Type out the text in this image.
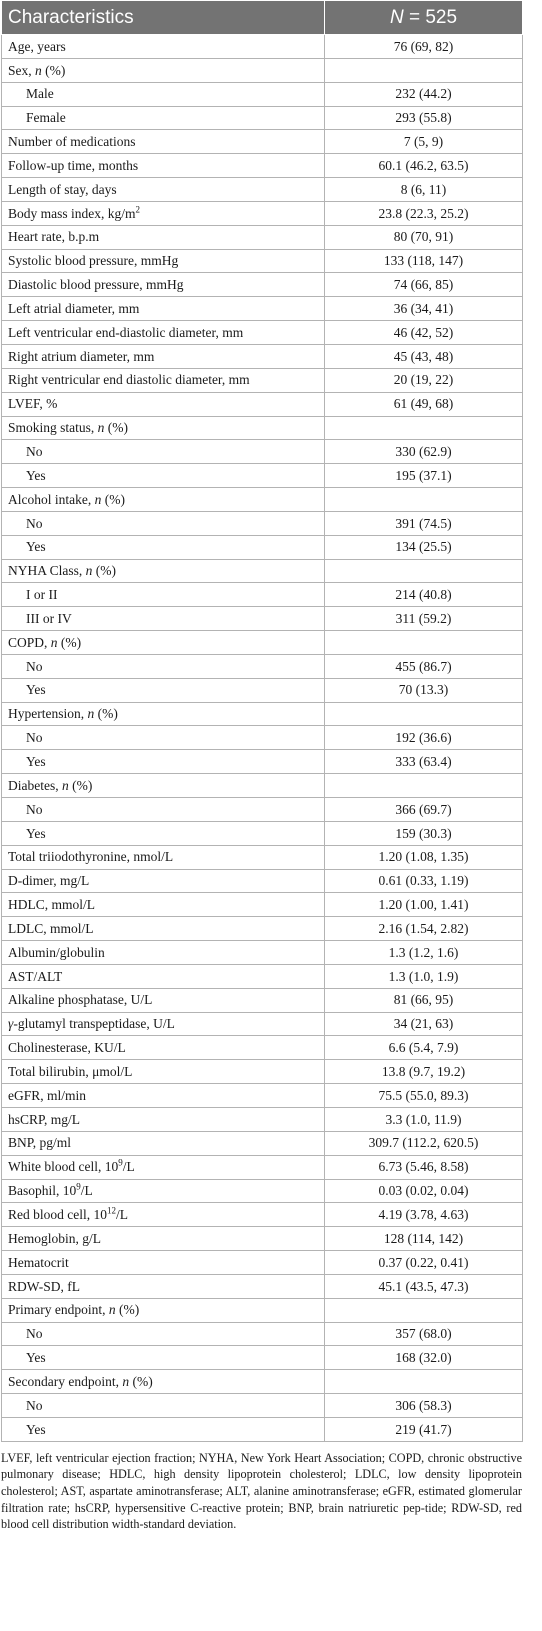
Characteristics	N = 525
Age, years	76 (69, 82)
Sex, n (%)	
Male	232 (44.2)
Female	293 (55.8)
Number of medications	7 (5, 9)
Follow-up time, months	60.1 (46.2, 63.5)
Length of stay, days	8 (6, 11)
Body mass index, $kg/m^2$	23.8 (22.3, 25.2)
Heart rate, b.p.m	80 (70, 91)
Systolic blood pressure, mmHg	133 (118, 147)
Diastolic blood pressure, mmHg	74 (66, 85)
Left atrial diameter, mm	36 (34, 41)
Left ventricular end-diastolic diameter, mm	46 (42, 52)
Right atrium diameter, mm	45 (43, 48)
Right ventricular end diastolic diameter, mm	20 (19, 22)
LVEF, %	61 (49, 68)
Smoking status, n (%)	
No	330 (62.9)
Yes	195 (37.1)
Alcohol intake, n (%)	
No	391 (74.5)
Yes	134 (25.5)
NYHA Class, n (%)	
I or II	214 (40.8)
III or IV	311 (59.2)
COPD, n (%)	
No	455 (86.7)
Yes	70 (13.3)
Hypertension, n (%)	
No	192 (36.6)
Yes	333 (63.4)
Diabetes, n (%)	
No	366 (69.7)
Yes	159 (30.3)
Total triiodothyronine, nmol/L	1.20 (1.08, 1.35)
D-dimer, mg/L	0.61 (0.33, 1.19)
HDLC, mmol/L	1.20 (1.00, 1.41)
LDLC, mmol/L	2.16 (1.54, 2.82)
Albumin/globulin	1.3 (1.2, 1.6)
AST/ALT	1.3 (1.0, 1.9)
Alkaline phosphatase, U/L	81 (66, 95)
γ-glutamyl transpeptidase, U/L	34 (21, 63)
Cholinesterase, KU/L	6.6 (5.4, 7.9)
Total bilirubin, μmol/L	13.8 (9.7, 19.2)
eGFR, ml/min	75.5 (55.0, 89.3)
hsCRP, mg/L	3.3 (1.0, 11.9)
BNP, pg/ml	309.7 (112.2, 620.5)
White blood cell, $10^9/L$	6.73 (5.46, 8.58)
Basophil, $10^9/L$	0.03 (0.02, 0.04)
Red blood cell, $10^{12}/L$	4.19 (3.78, 4.63)
Hemoglobin, g/L	128 (114, 142)
Hematocrit	0.37 (0.22, 0.41)
RDW-SD, fL	45.1 (43.5, 47.3)
Primary endpoint, n (%)	
No	357 (68.0)
Yes	168 (32.0)
Secondary endpoint, n (%)	
No	306 (58.3)
Yes	219 (41.7)
LVEF, left ventricular ejection fraction; NYHA, New York Heart Association; COPD, chronic obstructive pulmonary disease; HDLC, high density lipoprotein cholesterol; LDLC, low density lipoprotein cholesterol; AST, aspartate aminotransferase; ALT, alanine aminotransferase; eGFR, estimated glomerular filtration rate; hsCRP, hypersensitive C-reactive protein; BNP, brain natriuretic pep-tide; RDW-SD, red blood cell distribution width-standard deviation.
